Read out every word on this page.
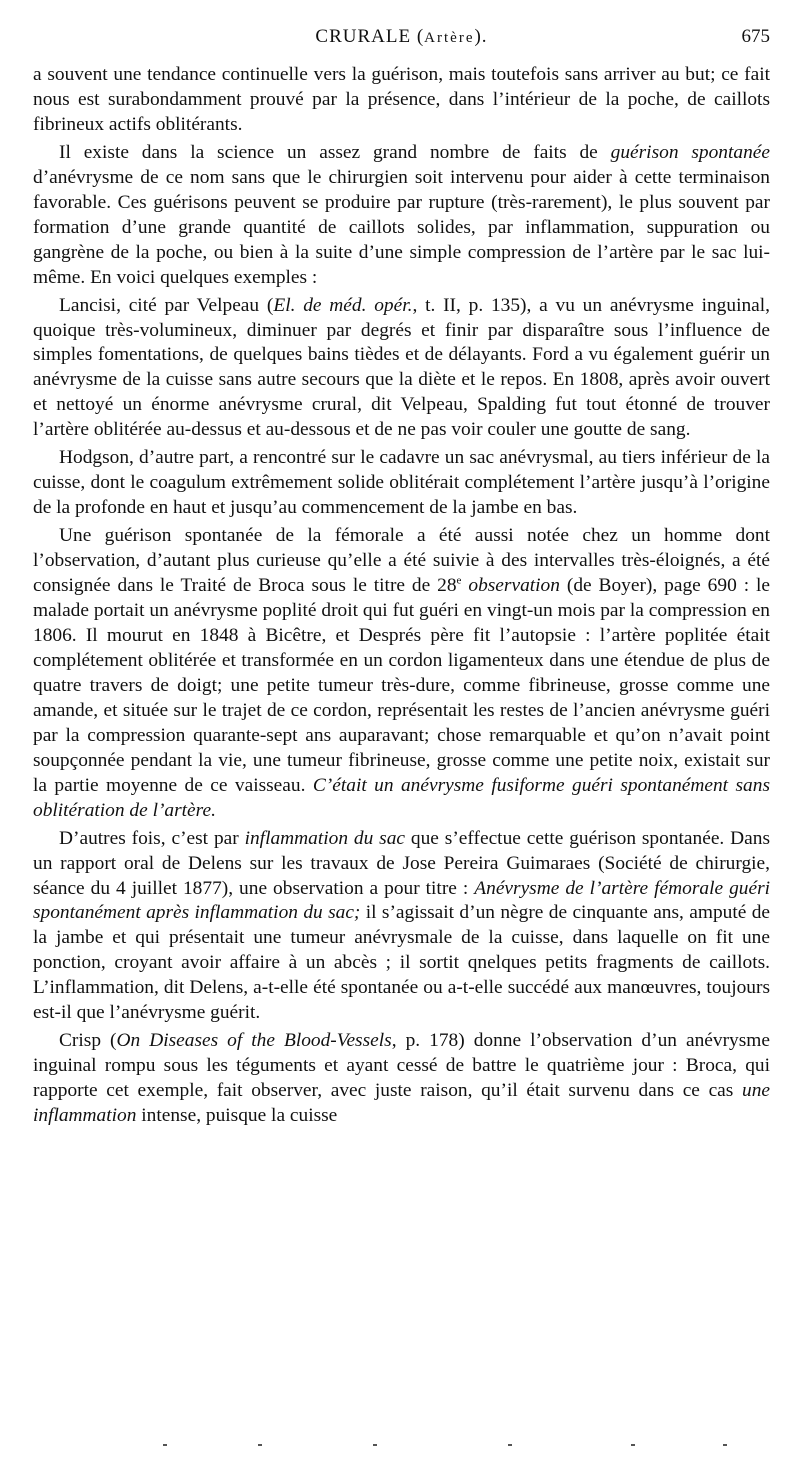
CRURALE (Artère).	675

a souvent une tendance continuelle vers la guérison, mais toutefois sans arriver au but; ce fait nous est surabondamment prouvé par la présence, dans l’intérieur de la poche, de caillots fibrineux actifs oblitérants.

Il existe dans la science un assez grand nombre de faits de guérison spontanée d’anévrysme de ce nom sans que le chirurgien soit intervenu pour aider à cette terminaison favorable. Ces guérisons peuvent se produire par rupture (très-rarement), le plus souvent par formation d’une grande quantité de caillots solides, par inflammation, suppuration ou gangrène de la poche, ou bien à la suite d’une simple compression de l’artère par le sac lui-même. En voici quelques exemples :

Lancisi, cité par Velpeau (El. de méd. opér., t. II, p. 135), a vu un anévrysme inguinal, quoique très-volumineux, diminuer par degrés et finir par disparaître sous l’influence de simples fomentations, de quelques bains tièdes et de délayants. Ford a vu également guérir un anévrysme de la cuisse sans autre secours que la diète et le repos. En 1808, après avoir ouvert et nettoyé un énorme anévrysme crural, dit Velpeau, Spalding fut tout étonné de trouver l’artère oblitérée au-dessus et au-dessous et de ne pas voir couler une goutte de sang.

Hodgson, d’autre part, a rencontré sur le cadavre un sac anévrysmal, au tiers inférieur de la cuisse, dont le coagulum extrêmement solide oblitérait complétement l’artère jusqu’à l’origine de la profonde en haut et jusqu’au commencement de la jambe en bas.

Une guérison spontanée de la fémorale a été aussi notée chez un homme dont l’observation, d’autant plus curieuse qu’elle a été suivie à des intervalles très-éloignés, a été consignée dans le Traité de Broca sous le titre de 28e observation (de Boyer), page 690 : le malade portait un anévrysme poplité droit qui fut guéri en vingt-un mois par la compression en 1806. Il mourut en 1848 à Bicêtre, et Després père fit l’autopsie : l’artère poplitée était complétement oblitérée et transformée en un cordon ligamenteux dans une étendue de plus de quatre travers de doigt; une petite tumeur très-dure, comme fibrineuse, grosse comme une amande, et située sur le trajet de ce cordon, représentait les restes de l’ancien anévrysme guéri par la compression quarante-sept ans auparavant; chose remarquable et qu’on n’avait point soupçonnée pendant la vie, une tumeur fibrineuse, grosse comme une petite noix, existait sur la partie moyenne de ce vaisseau. C’était un anévrysme fusiforme guéri spontanément sans oblitération de l’artère.

D’autres fois, c’est par inflammation du sac que s’effectue cette guérison spontanée. Dans un rapport oral de Delens sur les travaux de Jose Pereira Guimaraes (Société de chirurgie, séance du 4 juillet 1877), une observation a pour titre : Anévrysme de l’artère fémorale guéri spontanément après inflammation du sac; il s’agissait d’un nègre de cinquante ans, amputé de la jambe et qui présentait une tumeur anévrysmale de la cuisse, dans laquelle on fit une ponction, croyant avoir affaire à un abcès ; il sortit qnelques petits fragments de caillots. L’inflammation, dit Delens, a-t-elle été spontanée ou a-t-elle succédé aux manœuvres, toujours est-il que l’anévrysme guérit.

Crisp (On Diseases of the Blood-Vessels, p. 178) donne l’observation d’un anévrysme inguinal rompu sous les téguments et ayant cessé de battre le quatrième jour : Broca, qui rapporte cet exemple, fait observer, avec juste raison, qu’il était survenu dans ce cas une inflammation intense, puisque la cuisse
